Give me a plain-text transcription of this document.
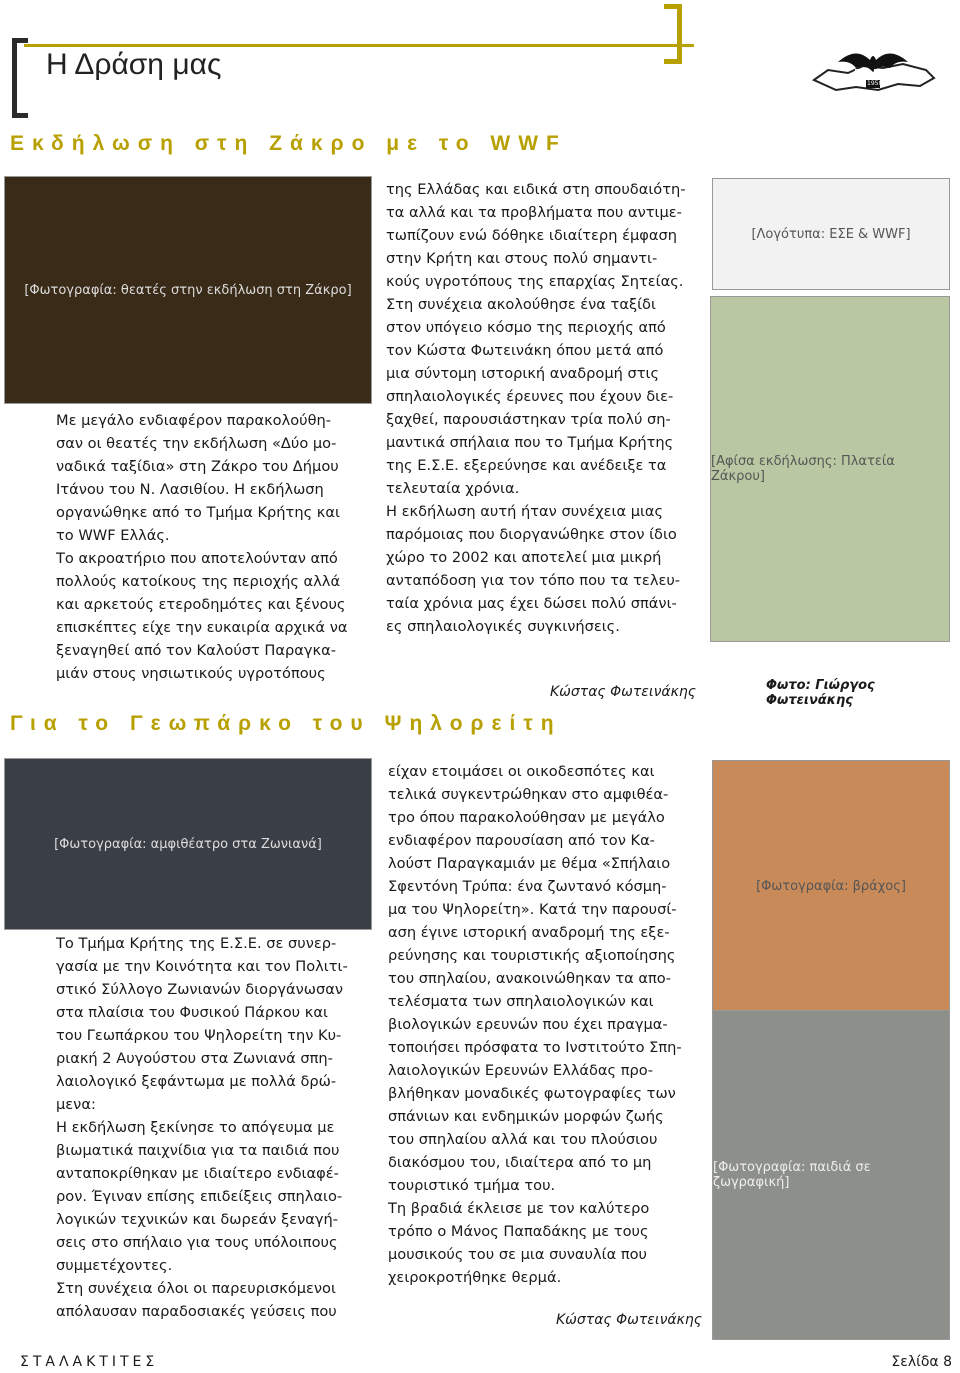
Η Δράση μας	Ε.Σ.Ε.
1950
Εκδήλωση στη Ζάκρο με το WWF
[Φωτογραφία: θεατές στην εκδήλωση στη Ζάκρο]

Με μεγάλο ενδιαφέρον παρακολούθη-

σαν οι θεατές την εκδήλωση «Δύο μο-

ναδικά ταξίδια» στη Ζάκρο του Δήμου

Ιτάνου του Ν. Λασιθίου. Η εκδήλωση

οργανώθηκε από το Τμήμα Κρήτης και

το WWF Ελλάς.

Το ακροατήριο που αποτελούνταν από

πολλούς κατοίκους της περιοχής αλλά

και αρκετούς ετεροδημότες και ξένους

επισκέπτες είχε την ευκαιρία αρχικά να

ξεναγηθεί από τον Καλούστ Παραγκα-

μιάν στους νησιωτικούς υγροτόπους

της Ελλάδας και ειδικά στη σπουδαιότη-

τα αλλά και τα προβλήματα που αντιμε-

τωπίζουν ενώ δόθηκε ιδιαίτερη έμφαση

στην Κρήτη και στους πολύ σημαντι-

κούς υγροτόπους της επαρχίας Σητείας.

Στη συνέχεια ακολούθησε ένα ταξίδι

στον υπόγειο κόσμο της περιοχής από

τον Κώστα Φωτεινάκη όπου μετά από

μια σύντομη ιστορική αναδρομή στις

σπηλαιολογικές έρευνες που έχουν διε-

ξαχθεί, παρουσιάστηκαν τρία πολύ ση-

μαντικά σπήλαια που το Τμήμα Κρήτης

της Ε.Σ.Ε. εξερεύνησε και ανέδειξε τα

τελευταία χρόνια.

Η εκδήλωση αυτή ήταν συνέχεια μιας

παρόμοιας που διοργανώθηκε στον ίδιο

χώρο το 2002 και αποτελεί μια μικρή

ανταπόδοση για τον τόπο που τα τελευ-

ταία χρόνια μας έχει δώσει πολύ σπάνι-

ες σπηλαιολογικές συγκινήσεις.

[Λογότυπα: ΕΣΕ & WWF]
[Αφίσα εκδήλωσης: Πλατεία Ζάκρου]
Κώστας Φωτεινάκης	Φωτο: Γιώργος Φωτεινάκης
Για το Γεωπάρκο του Ψηλορείτη
[Φωτογραφία: αμφιθέατρο στα Ζωνιανά]

Το Τμήμα Κρήτης της Ε.Σ.Ε. σε συνερ-

γασία με την Κοινότητα και τον Πολιτι-

στικό Σύλλογο Ζωνιανών διοργάνωσαν

στα πλαίσια του Φυσικού Πάρκου και

του Γεωπάρκου του Ψηλορείτη την Κυ-

ριακή 2 Αυγούστου στα Ζωνιανά σπη-

λαιολογικό ξεφάντωμα με πολλά δρώ-

μενα:

Η εκδήλωση ξεκίνησε το απόγευμα με

βιωματικά παιχνίδια για τα παιδιά που

ανταποκρίθηκαν με ιδιαίτερο ενδιαφέ-

ρον. Έγιναν επίσης επιδείξεις σπηλαιο-

λογικών τεχνικών και δωρεάν ξεναγή-

σεις στο σπήλαιο για τους υπόλοιπους

συμμετέχοντες.

Στη συνέχεια όλοι οι παρευρισκόμενοι

απόλαυσαν παραδοσιακές γεύσεις που

είχαν ετοιμάσει οι οικοδεσπότες και

τελικά συγκεντρώθηκαν στο αμφιθέα-

τρο όπου παρακολούθησαν με μεγάλο

ενδιαφέρον παρουσίαση από τον Κα-

λούστ Παραγκαμιάν με θέμα «Σπήλαιο

Σφεντόνη Τρύπα: ένα ζωντανό κόσμη-

μα του Ψηλορείτη». Κατά την παρουσί-

αση έγινε ιστορική αναδρομή της εξε-

ρεύνησης και τουριστικής αξιοποίησης

του σπηλαίου, ανακοινώθηκαν τα απο-

τελέσματα των σπηλαιολογικών και

βιολογικών ερευνών που έχει πραγμα-

τοποιήσει πρόσφατα το Ινστιτούτο Σπη-

λαιολογικών Ερευνών Ελλάδας προ-

βλήθηκαν μοναδικές φωτογραφίες των

σπάνιων και ενδημικών μορφών ζωής

του σπηλαίου αλλά και του πλούσιου

διακόσμου του, ιδιαίτερα από το μη

τουριστικό τμήμα του.

Τη βραδιά έκλεισε με τον καλύτερο

τρόπο ο Μάνος Παπαδάκης με τους

μουσικούς του σε μια συναυλία που

χειροκροτήθηκε θερμά.

[Φωτογραφία: βράχος]
[Φωτογραφία: παιδιά σε ζωγραφική]
Κώστας Φωτεινάκης
ΣΤΑΛΑΚΤΙΤΕΣ	Σελίδα 8
